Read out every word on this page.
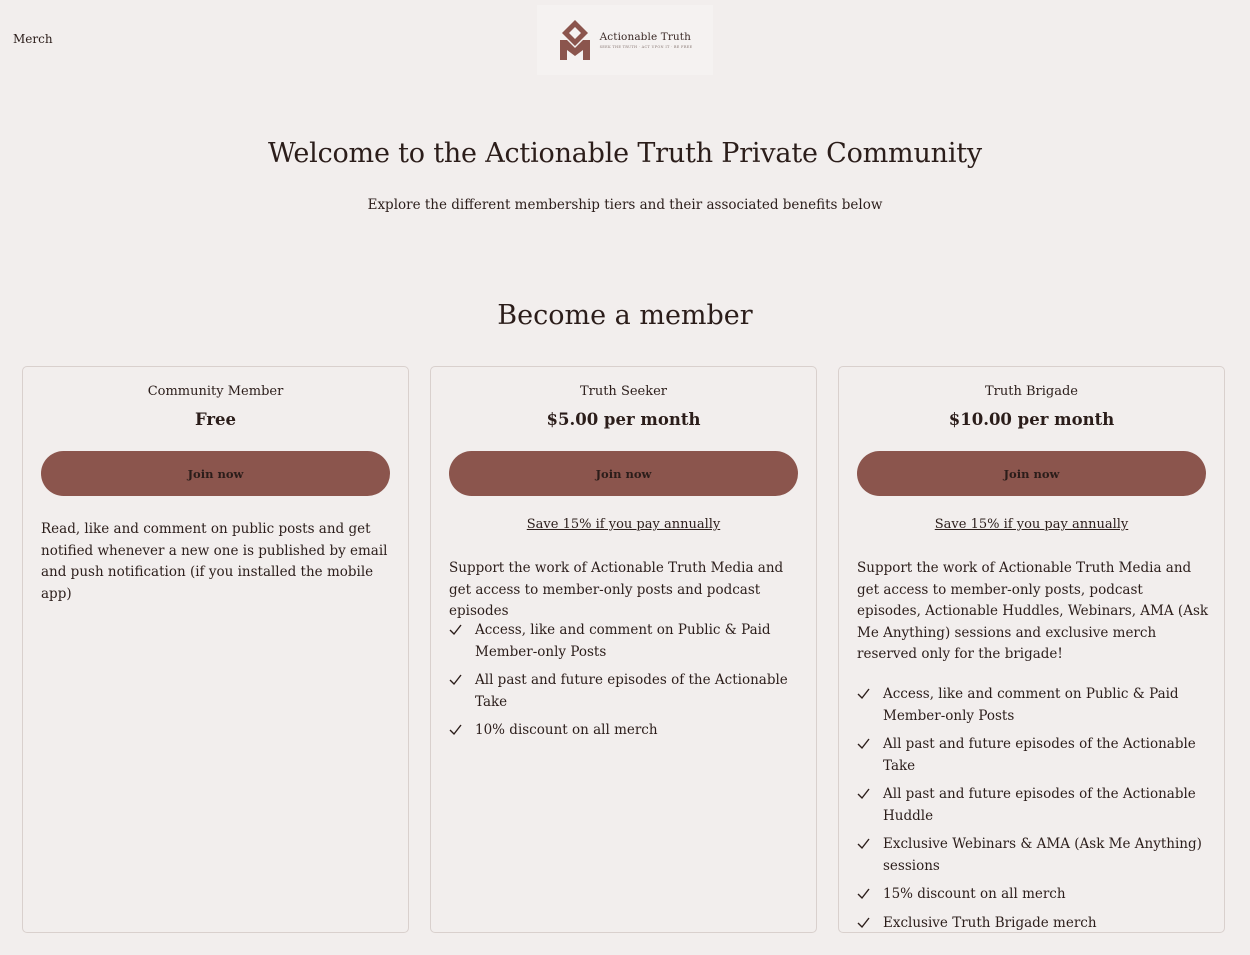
Merch	Actionable Truth
SEEK THE TRUTH · ACT UPON IT · BE FREE
Welcome to the Actionable Truth Private Community

Explore the different membership tiers and their associated benefits below

Become a member
Community Member
Free
Join now

Read, like and comment on public posts and get notified whenever a new one is published by email and push notification (if you installed the mobile app)

Truth Seeker
$5.00 per month
Join now
Save 15% if you pay annually

Support the work of Actionable Truth Media and get access to member-only posts and podcast episodes

Access, like and comment on Public & Paid Member-only Posts
All past and future episodes of the Actionable Take
10% discount on all merch
Truth Brigade
$10.00 per month
Join now
Save 15% if you pay annually

Support the work of Actionable Truth Media and get access to member-only posts, podcast episodes, Actionable Huddles, Webinars, AMA (Ask Me Anything) sessions and exclusive merch reserved only for the brigade!

Access, like and comment on Public & Paid Member-only Posts
All past and future episodes of the Actionable Take
All past and future episodes of the Actionable Huddle
Exclusive Webinars & AMA (Ask Me Anything) sessions
15% discount on all merch
Exclusive Truth Brigade merch
